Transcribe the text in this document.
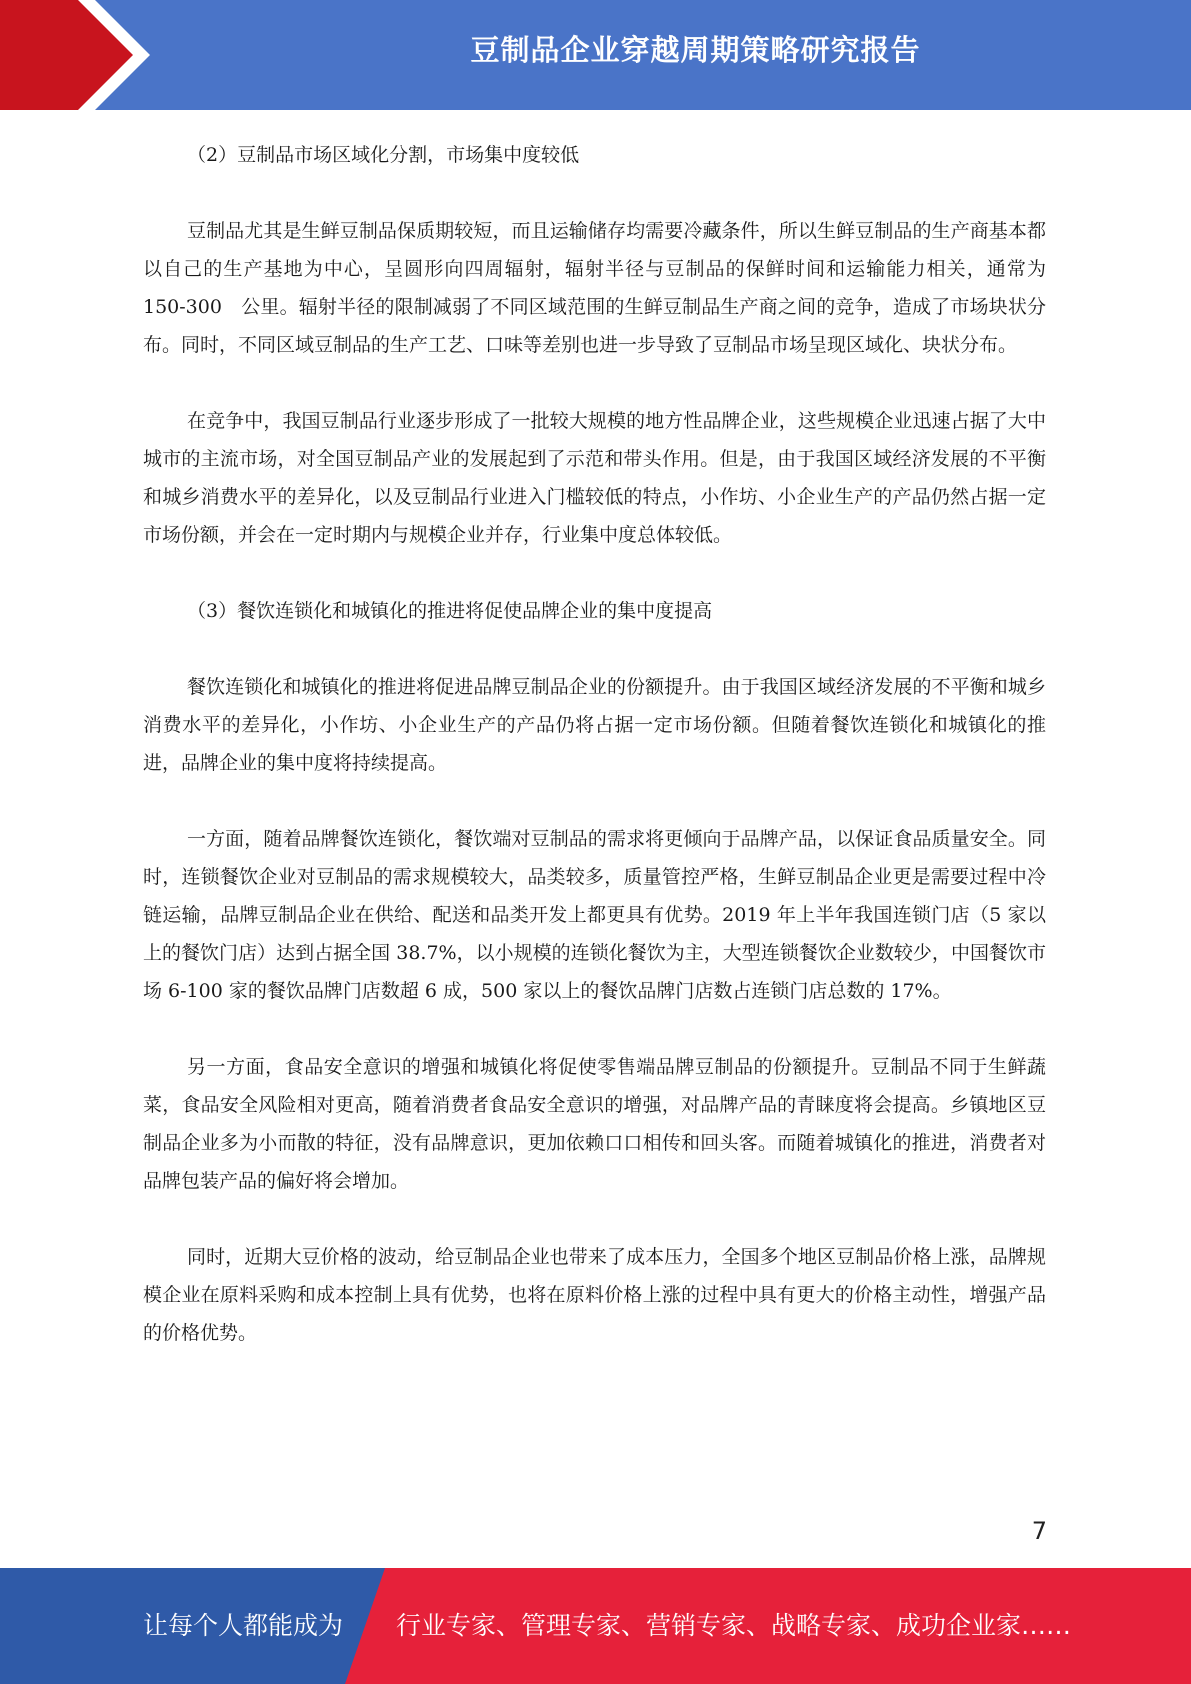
豆制品企业穿越周期策略研究报告

（2）豆制品市场区域化分割，市场集中度较低

豆制品尤其是生鲜豆制品保质期较短，而且运输储存均需要冷藏条件，所以生鲜豆制品的生产商基本都以自己的生产基地为中心，呈圆形向四周辐射，辐射半径与豆制品的保鲜时间和运输能力相关，通常为　150-300　公里。辐射半径的限制减弱了不同区域范围的生鲜豆制品生产商之间的竞争，造成了市场块状分布。同时，不同区域豆制品的生产工艺、口味等差别也进一步导致了豆制品市场呈现区域化、块状分布。

在竞争中，我国豆制品行业逐步形成了一批较大规模的地方性品牌企业，这些规模企业迅速占据了大中城市的主流市场，对全国豆制品产业的发展起到了示范和带头作用。但是，由于我国区域经济发展的不平衡和城乡消费水平的差异化，以及豆制品行业进入门槛较低的特点，小作坊、小企业生产的产品仍然占据一定市场份额，并会在一定时期内与规模企业并存，行业集中度总体较低。

（3）餐饮连锁化和城镇化的推进将促使品牌企业的集中度提高

餐饮连锁化和城镇化的推进将促进品牌豆制品企业的份额提升。由于我国区域经济发展的不平衡和城乡消费水平的差异化，小作坊、小企业生产的产品仍将占据一定市场份额。但随着餐饮连锁化和城镇化的推进，品牌企业的集中度将持续提高。

一方面，随着品牌餐饮连锁化，餐饮端对豆制品的需求将更倾向于品牌产品，以保证食品质量安全。同时，连锁餐饮企业对豆制品的需求规模较大，品类较多，质量管控严格，生鲜豆制品企业更是需要过程中冷链运输，品牌豆制品企业在供给、配送和品类开发上都更具有优势。2019 年上半年我国连锁门店（5 家以上的餐饮门店）达到占据全国 38.7%，以小规模的连锁化餐饮为主，大型连锁餐饮企业数较少，中国餐饮市场 6-100 家的餐饮品牌门店数超 6 成，500 家以上的餐饮品牌门店数占连锁门店总数的 17%。

另一方面，食品安全意识的增强和城镇化将促使零售端品牌豆制品的份额提升。豆制品不同于生鲜蔬菜，食品安全风险相对更高，随着消费者食品安全意识的增强，对品牌产品的青睐度将会提高。乡镇地区豆制品企业多为小而散的特征，没有品牌意识，更加依赖口口相传和回头客。而随着城镇化的推进，消费者对品牌包装产品的偏好将会增加。

同时，近期大豆价格的波动，给豆制品企业也带来了成本压力，全国多个地区豆制品价格上涨，品牌规模企业在原料采购和成本控制上具有优势，也将在原料价格上涨的过程中具有更大的价格主动性，增强产品的价格优势。

7
让每个人都能成为 行业专家、管理专家、营销专家、战略专家、成功企业家……
